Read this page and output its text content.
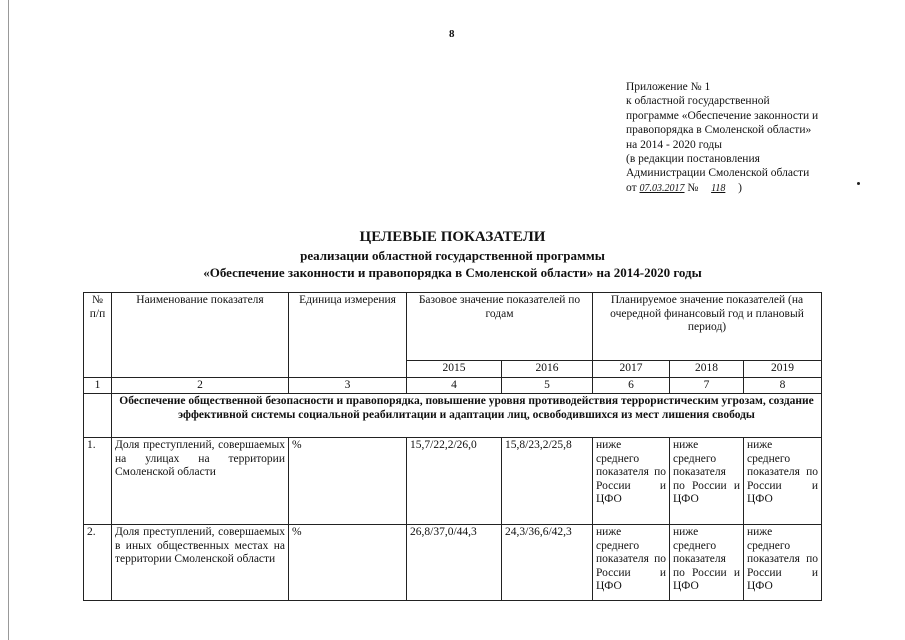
8
Приложение № 1
к областной государственной
программе «Обеспечение законности и
правопорядка в Смоленской области»
на 2014 - 2020 годы
(в редакции постановления
Администрации Смоленской области
от 07.03.2017 № 118 )
ЦЕЛЕВЫЕ ПОКАЗАТЕЛИ
реализации областной государственной программы
«Обеспечение законности и правопорядка в Смоленской области» на 2014-2020 годы
№ п/п	Наименование показателя	Единица измерения	Базовое значение показателей по годам		Планируемое значение показателей (на очередной финансовый год и плановый период)		
			2015	2016	2017	2018	2019
1	2	3	4	5	6	7	8
	Обеспечение общественной безопасности и правопорядка, повышение уровня противодействия террористическим угрозам, создание эффективной системы социальной реабилитации и адаптации лиц, освободившихся из мест лишения свободы						
1.	Доля преступлений, совершаемых на улицах на территории Смоленской области	%	15,7/22,2/26,0	15,8/23,2/25,8	ниже среднего показателя по России и ЦФО	ниже среднего показателя по России и ЦФО	ниже среднего показателя по России и ЦФО
2.	Доля преступлений, совершаемых в иных общественных местах на территории Смоленской области	%	26,8/37,0/44,3	24,3/36,6/42,3	ниже среднего показателя по России и ЦФО	ниже среднего показателя по России и ЦФО	ниже среднего показателя по России и ЦФО
